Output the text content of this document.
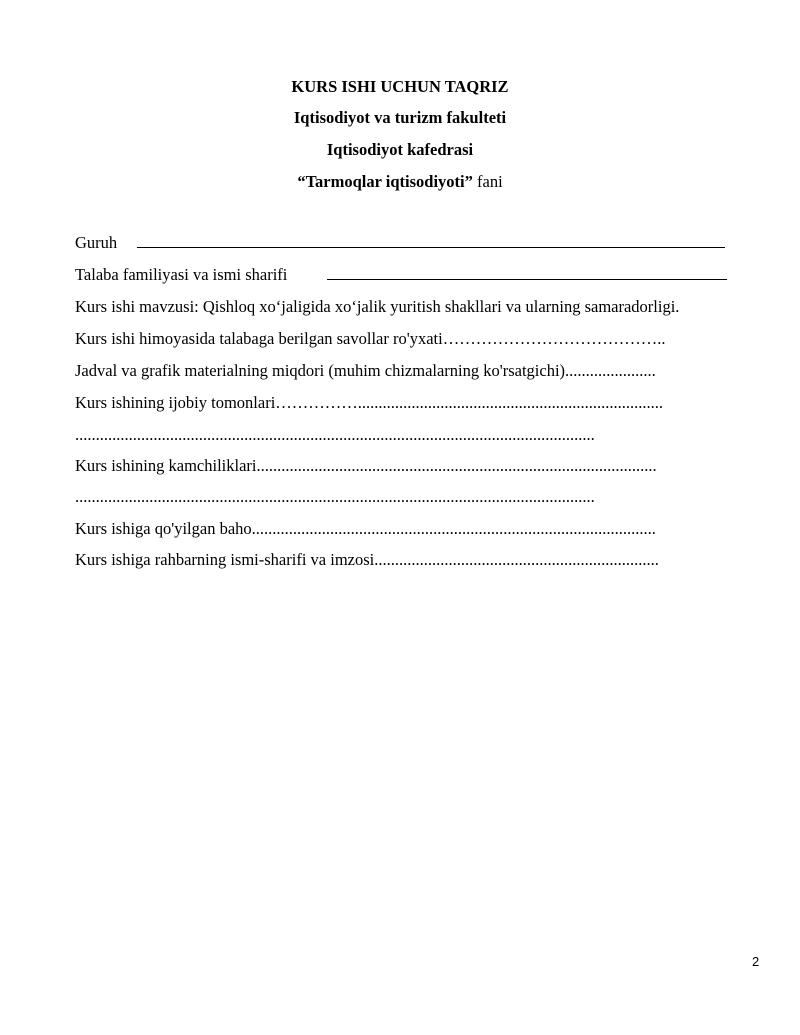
KURS ISHI UCHUN TAQRIZ
Iqtisodiyot va turizm fakulteti
Iqtisodiyot kafedrasi
“Tarmoqlar iqtisodiyoti” fani
Guruh
Talaba familiyasi va ismi sharifi
Kurs ishi mavzusi: Qishloq xo‘jaligida xo‘jalik yuritish shakllari va ularning samaradorligi.
Kurs ishi himoyasida talabaga berilgan savollar ro'yxati…………………………………..
Jadval va grafik materialning miqdori (muhim chizmalarning ko'rsatgichi)......................
Kurs ishining ijobiy tomonlari……………..........................................................................
..............................................................................................................................
Kurs ishining kamchiliklari.................................................................................................
..............................................................................................................................
Kurs ishiga qo'yilgan baho..................................................................................................
Kurs ishiga rahbarning ismi-sharifi va imzosi.....................................................................
2
